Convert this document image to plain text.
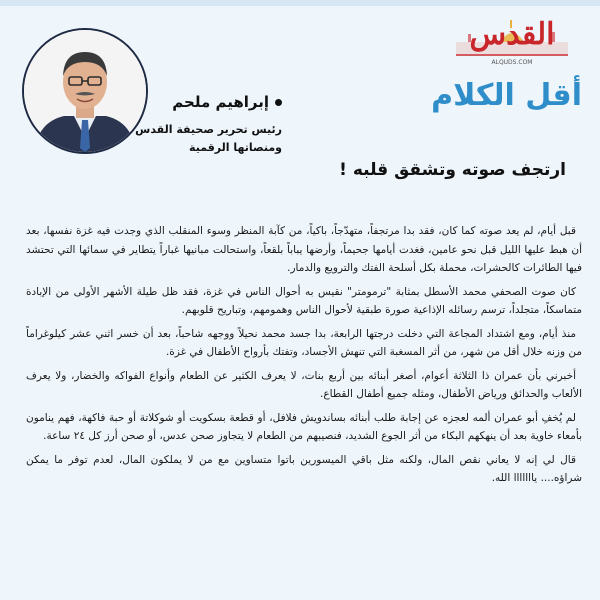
القدس
ALQUDS.COM
أقل الكلام
إبراهيم ملحم
رئيس تحرير صحيفة القدس
ومنصاتها الرقمية
ارتجف صوته وتشقق قلبه !

قبل أيام، لم يعد صوته كما كان، فقد بدا مرتجفاً، متهدّجاً، باكياً، من كآبة المنظر وسوء المنقلب الذي وجدت فيه غزة نفسها، بعد أن هبط عليها الليل قبل نحو عامين، فغدت أيامها جحيماً، وأرضها يباباً بلقعاً، واستحالت مبانيها غباراً يتطاير في سمائها التي تحتشد فيها الطائرات كالحشرات، محملة بكل أسلحة الفتك والترويع والدمار.

كان صوت الصحفي محمد الأسطل بمثابة "ترمومتر" نقيس به أحوال الناس في غزة، فقد ظل طيلة الأشهر الأولى من الإبادة متماسكاً، متجلداً، ترسم رسائله الإذاعية صورة طبقية لأحوال الناس وهمومهم، وتباريح قلوبهم.

منذ أيام، ومع اشتداد المجاعة التي دخلت درجتها الرابعة، بدا جسد محمد نحيلاً ووجهه شاحباً، بعد أن خسر اثني عشر كيلوغراماً من وزنه خلال أقل من شهر، من أثر المسغبة التي تنهش الأجساد، وتفتك بأرواح الأطفال في غزة.

أخبرني بأن عمران ذا الثلاثة أعوام، أصغر أبنائه بين أربع بنات، لا يعرف الكثير عن الطعام وأنواع الفواكه والخضار، ولا يعرف الألعاب والحدائق ورياض الأطفال، ومثله جميع أطفال القطاع.

لم يُخفِ أبو عمران ألمه لعجزه عن إجابة طلب أبنائه بساندويش فلافل، أو قطعة بسكويت أو شوكلاتة أو حبة فاكهة، فهم ينامون بأمعاء خاوية بعد أن ينهكهم البكاء من أثر الجوع الشديد، فنصيبهم من الطعام لا يتجاوز صحن عدس، أو صحن أرز كل ٢٤ ساعة.

قال لي إنه لا يعاني نقص المال، ولكنه مثل باقي الميسورين باتوا متساوين مع من لا يملكون المال، لعدم توفر ما يمكن شراؤه.... يااااااا الله.
